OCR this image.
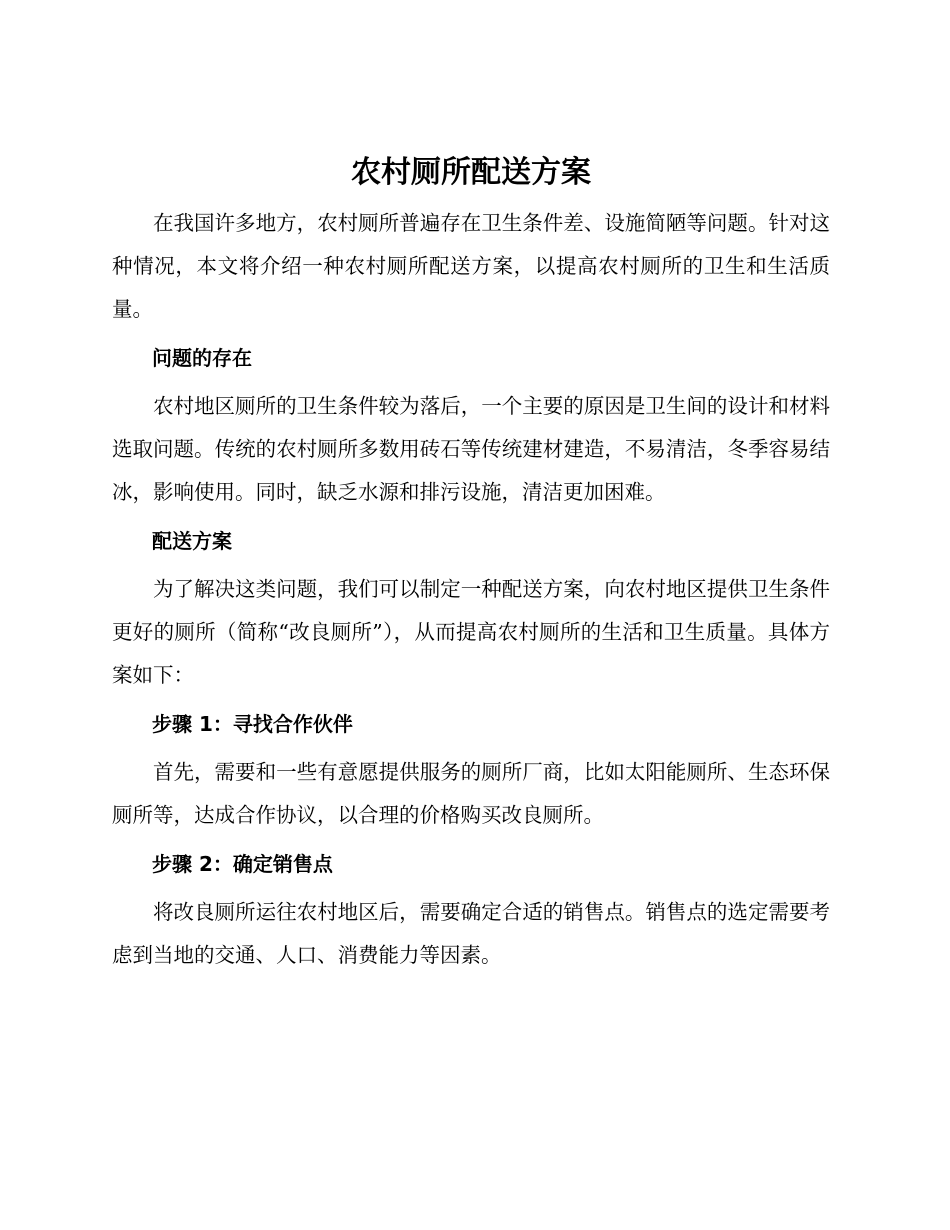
农村厕所配送方案

在我国许多地方，农村厕所普遍存在卫生条件差、设施简陋等问题。针对这种情况，本文将介绍一种农村厕所配送方案，以提高农村厕所的卫生和生活质量。

问题的存在

农村地区厕所的卫生条件较为落后，一个主要的原因是卫生间的设计和材料选取问题。传统的农村厕所多数用砖石等传统建材建造，不易清洁，冬季容易结冰，影响使用。同时，缺乏水源和排污设施，清洁更加困难。

配送方案

为了解决这类问题，我们可以制定一种配送方案，向农村地区提供卫生条件更好的厕所（简称“改良厕所”），从而提高农村厕所的生活和卫生质量。具体方案如下：

步骤 1：寻找合作伙伴

首先，需要和一些有意愿提供服务的厕所厂商，比如太阳能厕所、生态环保厕所等，达成合作协议，以合理的价格购买改良厕所。

步骤 2：确定销售点

将改良厕所运往农村地区后，需要确定合适的销售点。销售点的选定需要考虑到当地的交通、人口、消费能力等因素。
